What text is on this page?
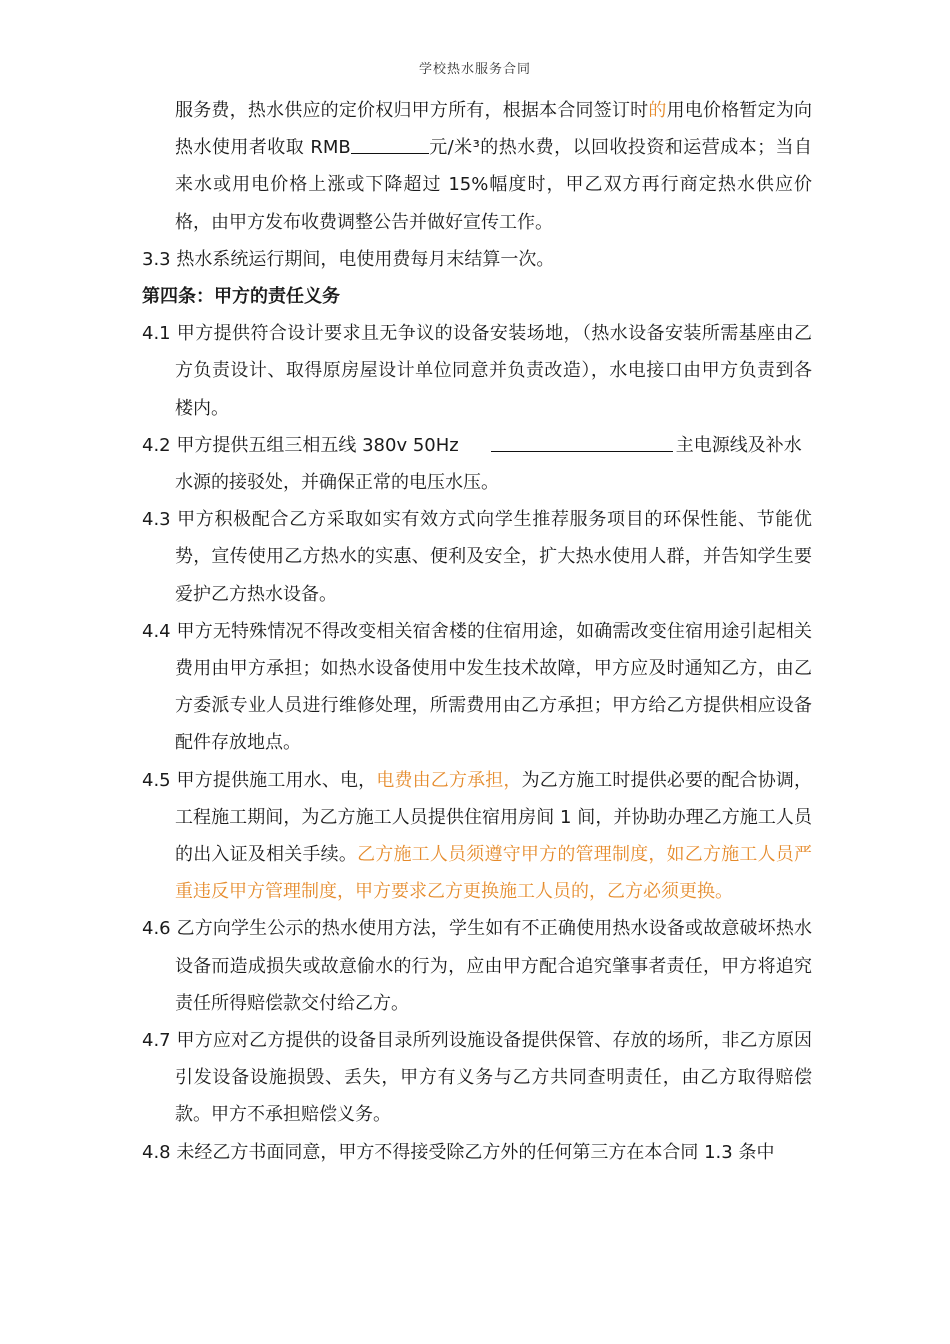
学校热水服务合同

服务费，热水供应的定价权归甲方所有，根据本合同签订时的用电价格暂定为向热水使用者收取 RMB	元/米³的热水费，以回收投资和运营成本；当自来水或用电价格上涨或下降超过 15%幅度时，甲乙双方再行商定热水供应价格，由甲方发布收费调整公告并做好宣传工作。

3.3 热水系统运行期间，电使用费每月末结算一次。

第四条：甲方的责任义务

4.1 甲方提供符合设计要求且无争议的设备安装场地，（热水设备安装所需基座由乙方负责设计、取得原房屋设计单位同意并负责改造），水电接口由甲方负责到各楼内。

4.2 甲方提供五组三相五线 380v 50Hz	主电源线及补水水源的接驳处，并确保正常的电压水压。

4.3 甲方积极配合乙方采取如实有效方式向学生推荐服务项目的环保性能、节能优势，宣传使用乙方热水的实惠、便利及安全，扩大热水使用人群，并告知学生要爱护乙方热水设备。

4.4 甲方无特殊情况不得改变相关宿舍楼的住宿用途，如确需改变住宿用途引起相关费用由甲方承担；如热水设备使用中发生技术故障，甲方应及时通知乙方，由乙方委派专业人员进行维修处理，所需费用由乙方承担；甲方给乙方提供相应设备配件存放地点。

4.5 甲方提供施工用水、电，电费由乙方承担，为乙方施工时提供必要的配合协调，工程施工期间，为乙方施工人员提供住宿用房间 1 间，并协助办理乙方施工人员的出入证及相关手续。乙方施工人员须遵守甲方的管理制度，如乙方施工人员严重违反甲方管理制度，甲方要求乙方更换施工人员的，乙方必须更换。

4.6 乙方向学生公示的热水使用方法，学生如有不正确使用热水设备或故意破坏热水设备而造成损失或故意偷水的行为，应由甲方配合追究肇事者责任，甲方将追究责任所得赔偿款交付给乙方。

4.7 甲方应对乙方提供的设备目录所列设施设备提供保管、存放的场所，非乙方原因引发设备设施损毁、丢失，甲方有义务与乙方共同查明责任，由乙方取得赔偿款。甲方不承担赔偿义务。

4.8 未经乙方书面同意，甲方不得接受除乙方外的任何第三方在本合同 1.3 条中
